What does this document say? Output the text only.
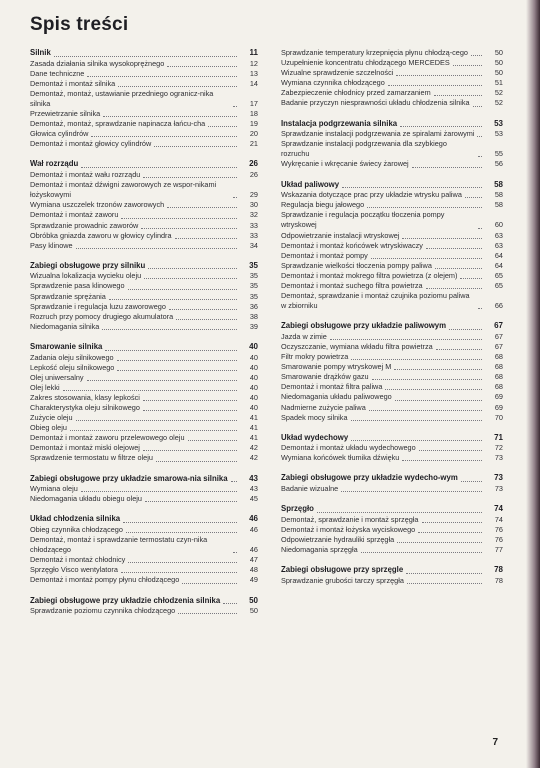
Spis treści
Silnik	11
Zasada działania silnika wysokoprężnego	12
Dane techniczne	13
Demontaż i montaż silnika	14
Demontaż, montaż, ustawianie przedniego ogranicz-nika silnika	17
Przewietrzanie silnika	18
Demontaż, montaż, sprawdzanie napinacza łańcu-cha	19
Głowica cylindrów	20
Demontaż i montaż głowicy cylindrów	21
Wał rozrządu	26
Demontaż i montaż wału rozrządu	26
Demontaż i montaż dźwigni zaworowych ze wspor-nikami łożyskowymi	29
Wymiana uszczelek trzonów zaworowych	30
Demontaż i montaż zaworu	32
Sprawdzanie prowadnic zaworów	33
Obróbka gniazda zaworu w głowicy cylindra	33
Pasy klinowe	34
Zabiegi obsługowe przy silniku	35
Wizualna lokalizacja wycieku oleju	35
Sprawdzenie pasa klinowego	35
Sprawdzanie sprężania	35
Sprawdzanie i regulacja luzu zaworowego	36
Rozruch przy pomocy drugiego akumulatora	38
Niedomagania silnika	39
Smarowanie silnika	40
Zadania oleju silnikowego	40
Lepkość oleju silnikowego	40
Olej uniwersalny	40
Olej lekki	40
Zakres stosowania, klasy lepkości	40
Charakterystyka oleju silnikowego	40
Zużycie oleju	41
Obieg oleju	41
Demontaż i montaż zaworu przelewowego oleju	41
Demontaż i montaż miski olejowej	42
Sprawdzenie termostatu w filtrze oleju	42
Zabiegi obsługowe przy układzie smarowa-nia silnika	43
Wymiana oleju	43
Niedomagania układu obiegu oleju	45
Układ chłodzenia silnika	46
Obieg czynnika chłodzącego	46
Demontaż, montaż i sprawdzanie termostatu czyn-nika chłodzącego	46
Demontaż i montaż chłodnicy	47
Sprzęgło Visco wentylatora	48
Demontaż i montaż pompy płynu chłodzącego	49
Zabiegi obsługowe przy układzie chłodzenia silnika	50
Sprawdzanie poziomu czynnika chłodzącego	50
Sprawdzanie temperatury krzepnięcia płynu chłodzą-cego	50
Uzupełnienie koncentratu chłodzącego MERCEDES	50
Wizualne sprawdzenie szczelności	50
Wymiana czynnika chłodzącego	51
Zabezpieczenie chłodnicy przed zamarzaniem	52
Badanie przyczyn niesprawności układu chłodzenia silnika	52
Instalacja podgrzewania silnika	53
Sprawdzanie instalacji podgrzewania ze spiralami żarowymi	53
Sprawdzanie instalacji podgrzewania dla szybkiego rozruchu	55
Wykręcanie i wkręcanie świecy żarowej	56
Układ paliwowy	58
Wskazania dotyczące prac przy układzie wtrysku paliwa	58
Regulacja biegu jałowego	58
Sprawdzanie i regulacja początku tłoczenia pompy wtryskowej	60
Odpowietrzanie instalacji wtryskowej	63
Demontaż i montaż końcówek wtryskiwaczy	63
Demontaż i montaż pompy	64
Sprawdzanie wielkości tłoczenia pompy paliwa	64
Demontaż i montaż mokrego filtra powietrza (z olejem)	65
Demontaż i montaż suchego filtra powietrza	65
Demontaż, sprawdzanie i montaż czujnika poziomu paliwa w zbiorniku	66
Zabiegi obsługowe przy układzie paliwowym	67
Jazda w zimie	67
Oczyszczanie, wymiana wkładu filtra powietrza	67
Filtr mokry powietrza	68
Smarowanie pompy wtryskowej M	68
Smarowanie drążków gazu	68
Demontaż i montaż filtra paliwa	68
Niedomagania układu paliwowego	69
Nadmierne zużycie paliwa	69
Spadek mocy silnika	70
Układ wydechowy	71
Demontaż i montaż układu wydechowego	72
Wymiana końcówek tłumika dźwięku	73
Zabiegi obsługowe przy układzie wydecho-wym	73
Badanie wizualne	73
Sprzęgło	74
Demontaż, sprawdzanie i montaż sprzęgła	74
Demontaż i montaż łożyska wyciskowego	76
Odpowietrzanie hydrauliki sprzęgła	76
Niedomagania sprzęgła	77
Zabiegi obsługowe przy sprzęgle	78
Sprawdzanie grubości tarczy sprzęgła	78
7
